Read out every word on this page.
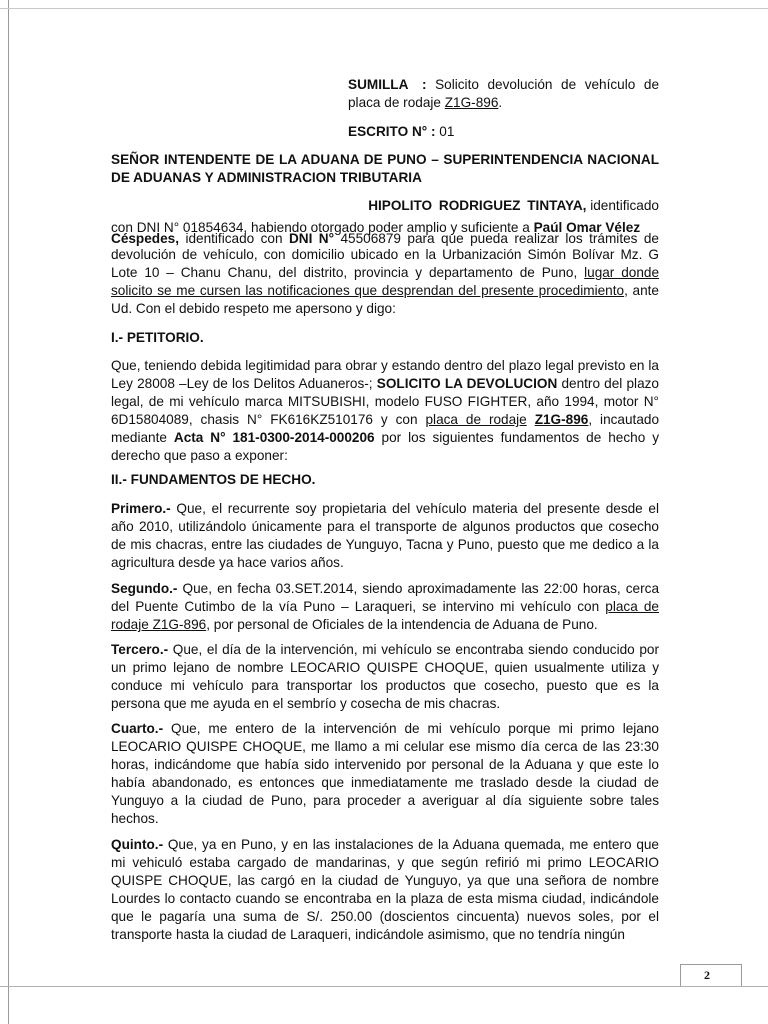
SUMILLA : Solicito devolución de vehículo de placa de rodaje Z1G-896.
ESCRITO N° : 01
SEÑOR INTENDENTE DE LA ADUANA DE PUNO – SUPERINTENDENCIA NACIONAL DE ADUANAS Y ADMINISTRACION TRIBUTARIA
HIPOLITO RODRIGUEZ TINTAYA, identificado
con DNI N° 01854634, habiendo otorgado poder amplio y suficiente a Paúl Omar Vélez
Céspedes, identificado con DNI N° 45506879 para que pueda realizar los trámites de
devolución de vehículo, con domicilio ubicado en la Urbanización Simón Bolívar Mz. G Lote 10 – Chanu Chanu, del distrito, provincia y departamento de Puno, lugar donde solicito se me cursen las notificaciones que desprendan del presente procedimiento, ante Ud. Con el debido respeto me apersono y digo:
I.- PETITORIO.
Que, teniendo debida legitimidad para obrar y estando dentro del plazo legal previsto en la Ley 28008 –Ley de los Delitos Aduaneros-; SOLICITO LA DEVOLUCION dentro del plazo legal, de mi vehículo marca MITSUBISHI, modelo FUSO FIGHTER, año 1994, motor N° 6D15804089, chasis N° FK616KZ510176 y con placa de rodaje Z1G-896, incautado mediante Acta N° 181-0300-2014-000206 por los siguientes fundamentos de hecho y derecho que paso a exponer:
II.- FUNDAMENTOS DE HECHO.
Primero.- Que, el recurrente soy propietaria del vehículo materia del presente desde el año 2010, utilizándolo únicamente para el transporte de algunos productos que cosecho de mis chacras, entre las ciudades de Yunguyo, Tacna y Puno, puesto que me dedico a la agricultura desde ya hace varios años.
Segundo.- Que, en fecha 03.SET.2014, siendo aproximadamente las 22:00 horas, cerca del Puente Cutimbo de la vía Puno – Laraqueri, se intervino mi vehículo con placa de rodaje Z1G-896, por personal de Oficiales de la intendencia de Aduana de Puno.
Tercero.- Que, el día de la intervención, mi vehículo se encontraba siendo conducido por un primo lejano de nombre LEOCARIO QUISPE CHOQUE, quien usualmente utiliza y conduce mi vehículo para transportar los productos que cosecho, puesto que es la persona que me ayuda en el sembrío y cosecha de mis chacras.
Cuarto.- Que, me entero de la intervención de mi vehículo porque mi primo lejano LEOCARIO QUISPE CHOQUE, me llamo a mi celular ese mismo día cerca de las 23:30 horas, indicándome que había sido intervenido por personal de la Aduana y que este lo había abandonado, es entonces que inmediatamente me traslado desde la ciudad de Yunguyo a la ciudad de Puno, para proceder a averiguar al día siguiente sobre tales hechos.
Quinto.- Que, ya en Puno, y en las instalaciones de la Aduana quemada, me entero que mi vehiculó estaba cargado de mandarinas, y que según refirió mi primo LEOCARIO QUISPE CHOQUE, las cargó en la ciudad de Yunguyo, ya que una señora de nombre Lourdes lo contacto cuando se encontraba en la plaza de esta misma ciudad, indicándole que le pagaría una suma de S/. 250.00 (doscientos cincuenta) nuevos soles, por el transporte hasta la ciudad de Laraqueri, indicándole asimismo, que no tendría ningún
2
